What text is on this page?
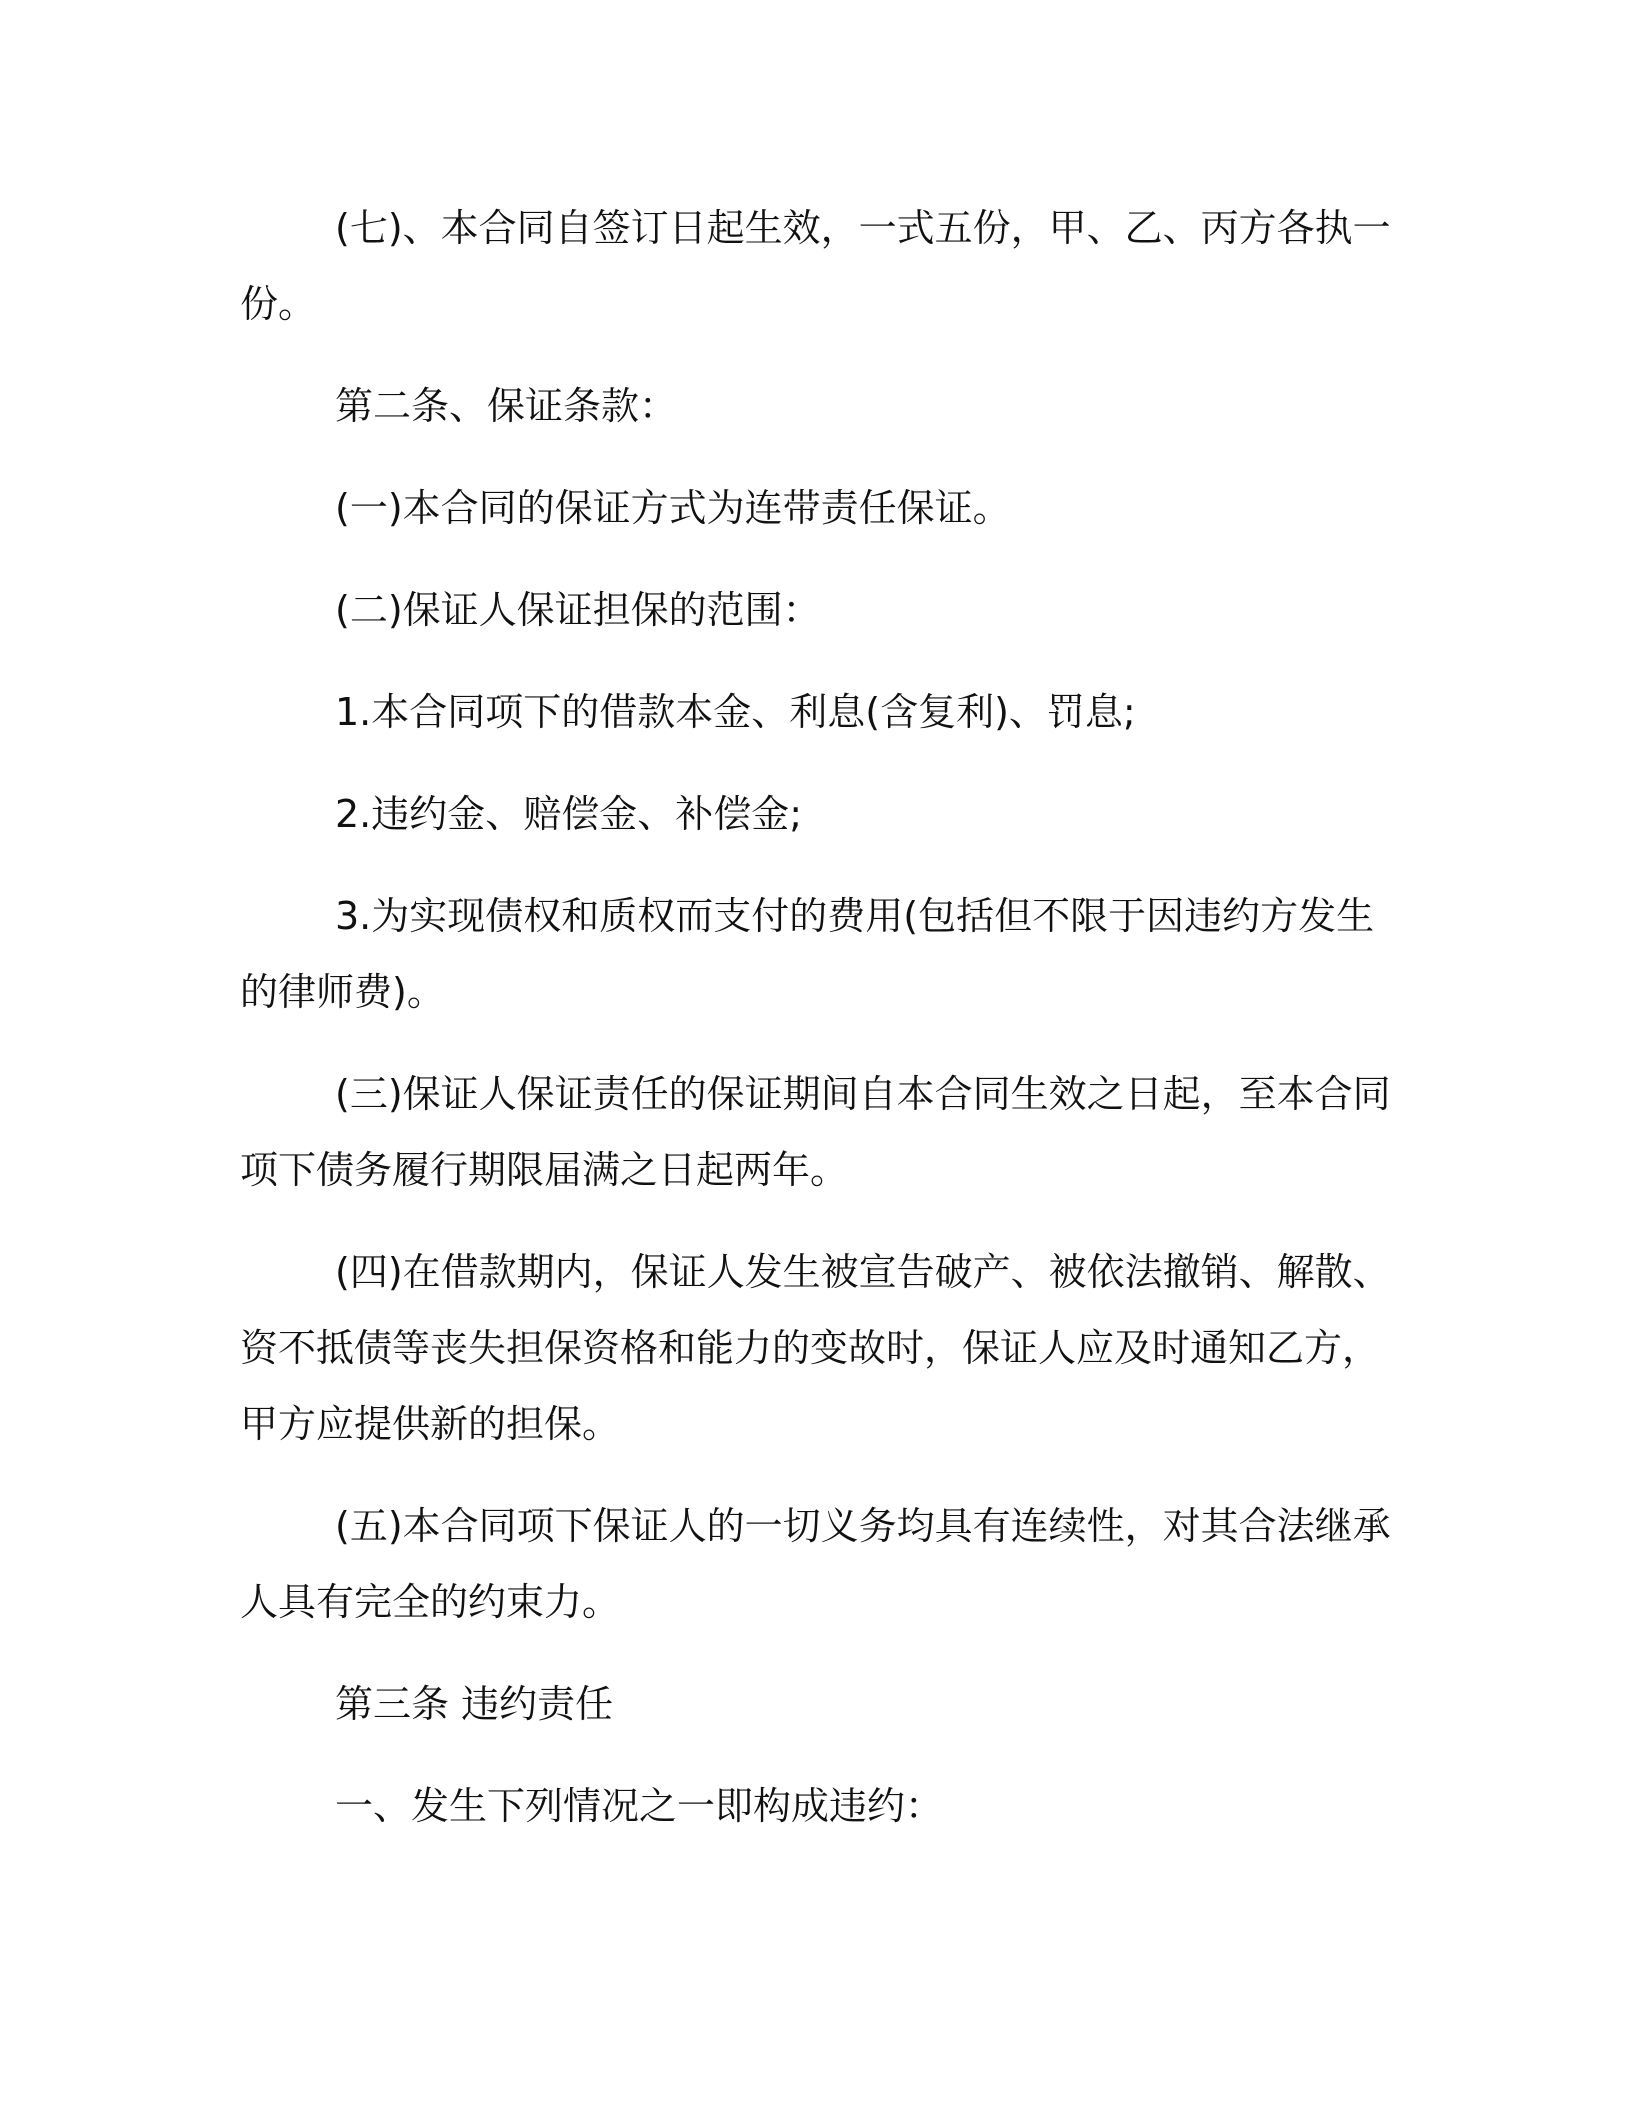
(七)、本合同自签订日起生效，一式五份，甲、乙、丙方各执一份。

第二条、保证条款：

(一)本合同的保证方式为连带责任保证。

(二)保证人保证担保的范围：

1.本合同项下的借款本金、利息(含复利)、罚息;

2.违约金、赔偿金、补偿金;

3.为实现债权和质权而支付的费用(包括但不限于因违约方发生的律师费)。

(三)保证人保证责任的保证期间自本合同生效之日起，至本合同项下债务履行期限届满之日起两年。

(四)在借款期内，保证人发生被宣告破产、被依法撤销、解散、资不抵债等丧失担保资格和能力的变故时，保证人应及时通知乙方，甲方应提供新的担保。

(五)本合同项下保证人的一切义务均具有连续性，对其合法继承人具有完全的约束力。

第三条 违约责任

一、发生下列情况之一即构成违约：
